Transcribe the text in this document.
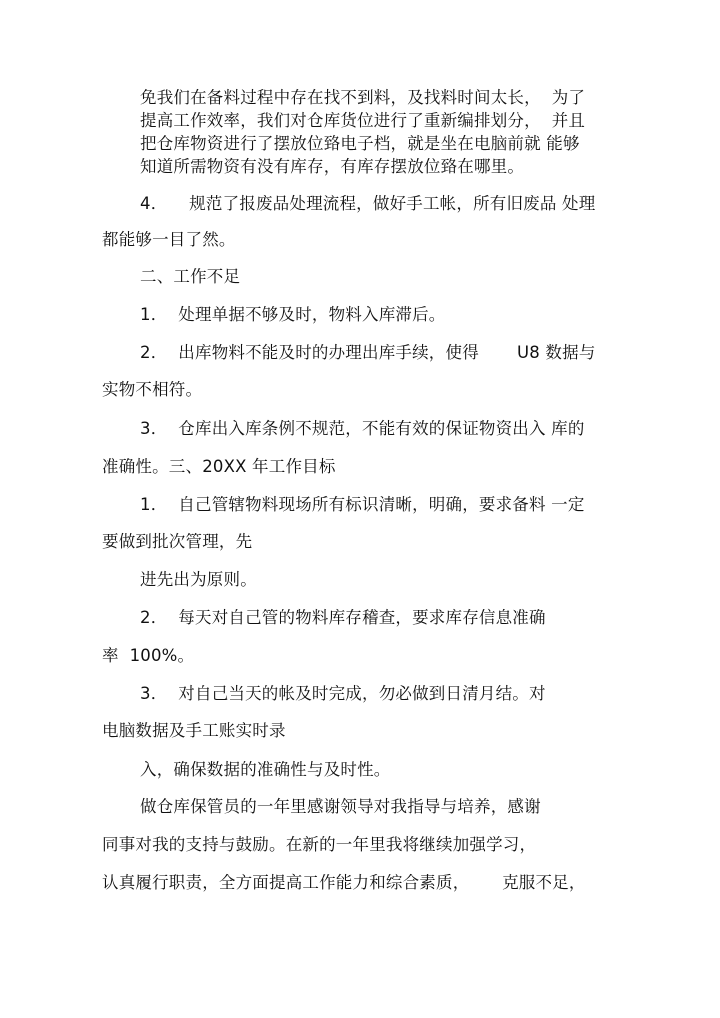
免我们在备料过程中存在找不到料，及找料时间太长，  为了
提高工作效率，我们对仓库货位进行了重新编排划分，  并且
把仓库物资进行了摆放位臵电子档，就是坐在电脑前就 能够
知道所需物资有没有库存，有库存摆放位臵在哪里。
4．    规范了报废品处理流程，做好手工帐，所有旧废品 处理
都能够一目了然。
二、工作不足
1．  处理单据不够及时，物料入库滞后。
2．  出库物料不能及时的办理出库手续，使得       U8 数据与
实物不相符。
3．  仓库出入库条例不规范，不能有效的保证物资出入 库的
准确性。三、20XX 年工作目标
1．  自己管辖物料现场所有标识清晰，明确，要求备料 一定
要做到批次管理，先
进先出为原则。
2．  每天对自己管的物料库存稽查，要求库存信息准确
率  100%。
3．  对自己当天的帐及时完成，勿必做到日清月结。对
电脑数据及手工账实时录
入，确保数据的准确性与及时性。
做仓库保管员的一年里感谢领导对我指导与培养，感谢
同事对我的支持与鼓励。在新的一年里我将继续加强学习，
认真履行职责，全方面提高工作能力和综合素质，      克服不足，
